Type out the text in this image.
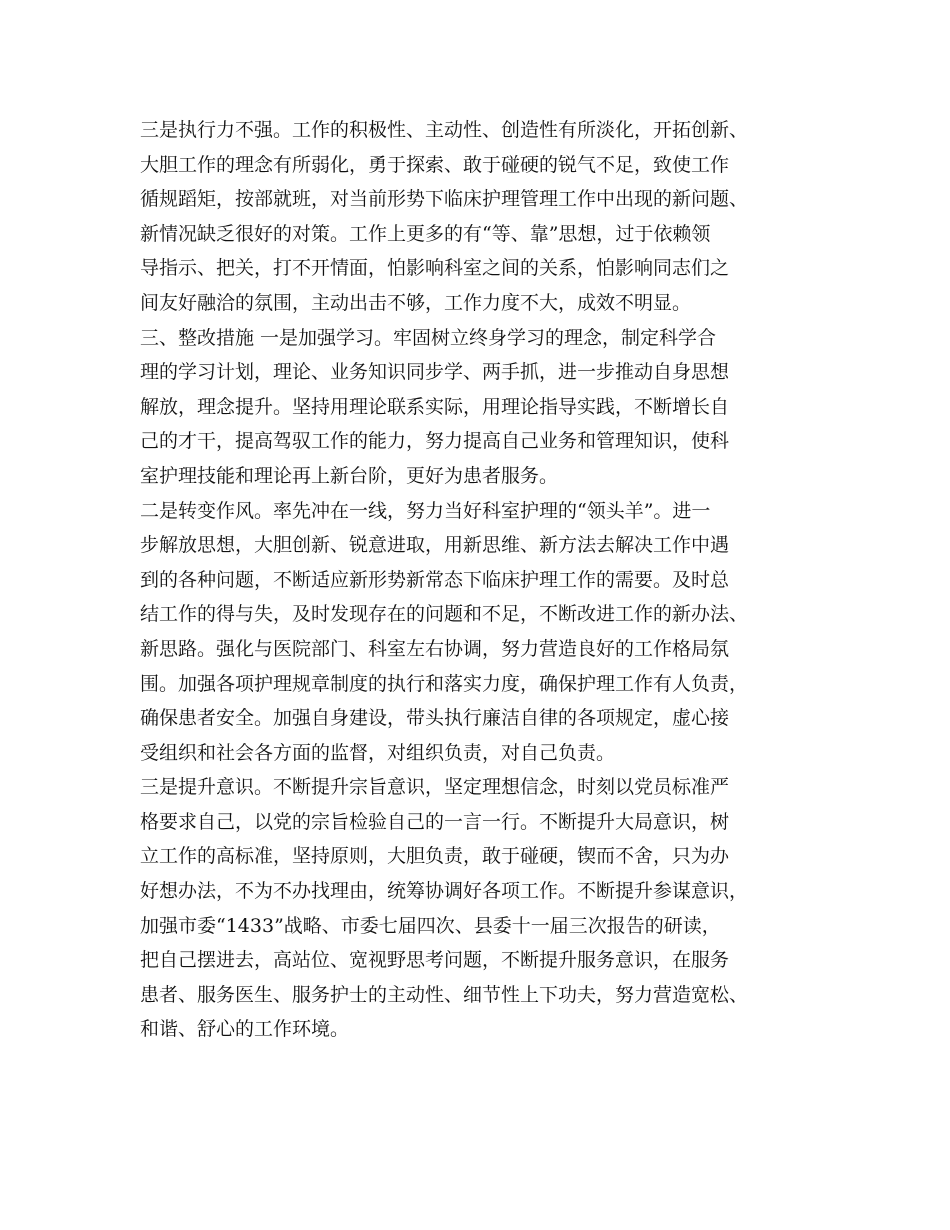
三是执行力不强。工作的积极性、主动性、创造性有所淡化，开拓创新、
大胆工作的理念有所弱化，勇于探索、敢于碰硬的锐气不足，致使工作
循规蹈矩，按部就班，对当前形势下临床护理管理工作中出现的新问题、
新情况缺乏很好的对策。工作上更多的有“等、靠”思想，过于依赖领
导指示、把关，打不开情面，怕影响科室之间的关系，怕影响同志们之
间友好融洽的氛围，主动出击不够，工作力度不大，成效不明显。
三、整改措施 一是加强学习。牢固树立终身学习的理念，制定科学合
理的学习计划，理论、业务知识同步学、两手抓，进一步推动自身思想
解放，理念提升。坚持用理论联系实际，用理论指导实践，不断增长自
己的才干，提高驾驭工作的能力，努力提高自己业务和管理知识，使科
室护理技能和理论再上新台阶，更好为患者服务。
二是转变作风。率先冲在一线，努力当好科室护理的“领头羊”。进一
步解放思想，大胆创新、锐意进取，用新思维、新方法去解决工作中遇
到的各种问题，不断适应新形势新常态下临床护理工作的需要。及时总
结工作的得与失，及时发现存在的问题和不足，不断改进工作的新办法、
新思路。强化与医院部门、科室左右协调，努力营造良好的工作格局氛
围。加强各项护理规章制度的执行和落实力度，确保护理工作有人负责，
确保患者安全。加强自身建设，带头执行廉洁自律的各项规定，虚心接
受组织和社会各方面的监督，对组织负责，对自己负责。
三是提升意识。不断提升宗旨意识，坚定理想信念，时刻以党员标准严
格要求自己，以党的宗旨检验自己的一言一行。不断提升大局意识，树
立工作的高标准，坚持原则，大胆负责，敢于碰硬，锲而不舍，只为办
好想办法，不为不办找理由，统筹协调好各项工作。不断提升参谋意识，
加强市委“1433”战略、市委七届四次、县委十一届三次报告的研读，
把自己摆进去，高站位、宽视野思考问题，不断提升服务意识，在服务
患者、服务医生、服务护士的主动性、细节性上下功夫，努力营造宽松、
和谐、舒心的工作环境。
